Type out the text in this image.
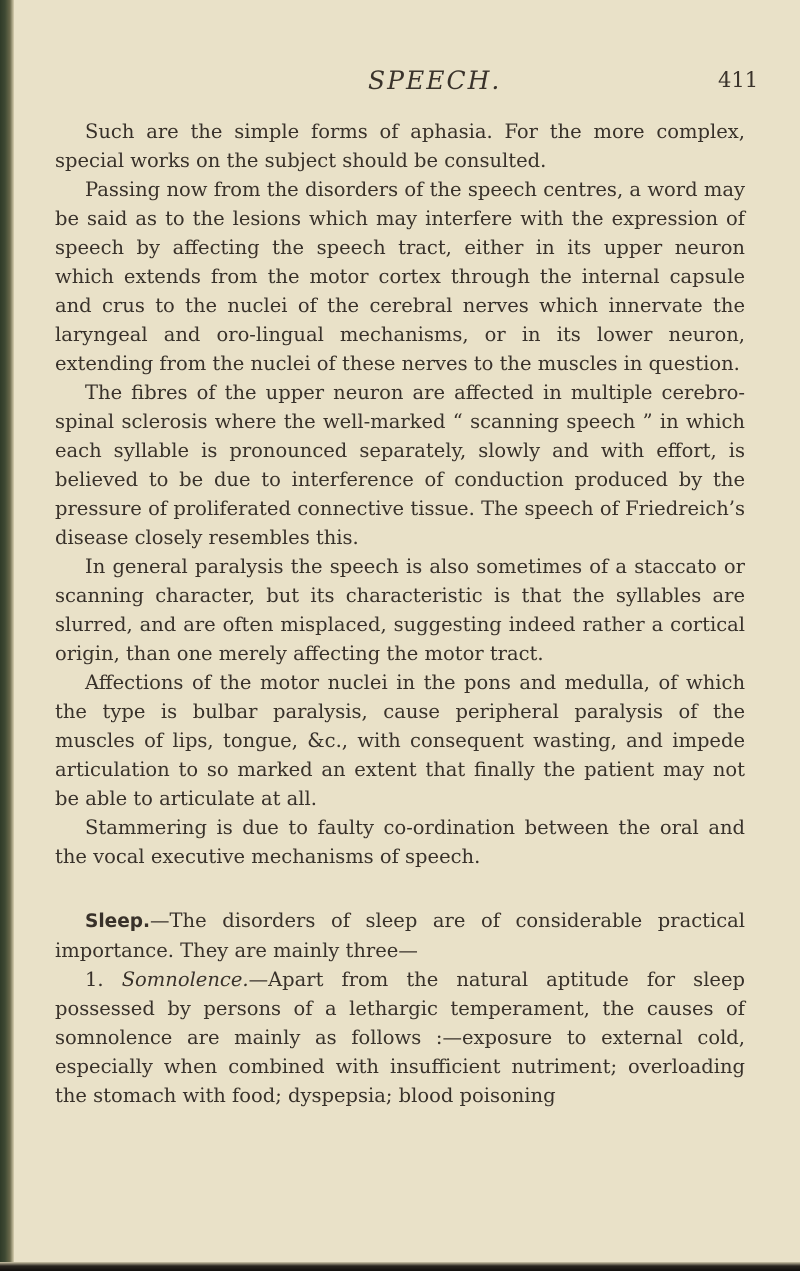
SPEECH.	411

Such are the simple forms of aphasia. For the more complex, special works on the subject should be consulted.

Passing now from the disorders of the speech centres, a word may be said as to the lesions which may interfere with the expression of speech by affecting the speech tract, either in its upper neuron which extends from the motor cortex through the internal capsule and crus to the nuclei of the cerebral nerves which innervate the laryngeal and oro-lingual mechanisms, or in its lower neuron, extending from the nuclei of these nerves to the muscles in question.

The fibres of the upper neuron are affected in multiple cerebro-spinal sclerosis where the well-marked “ scanning speech ” in which each syllable is pronounced separately, slowly and with effort, is believed to be due to interference of conduction produced by the pressure of proliferated connective tissue. The speech of Friedreich’s disease closely resembles this.

In general paralysis the speech is also sometimes of a staccato or scanning character, but its characteristic is that the syllables are slurred, and are often misplaced, suggesting indeed rather a cortical origin, than one merely affecting the motor tract.

Affections of the motor nuclei in the pons and medulla, of which the type is bulbar paralysis, cause peripheral paralysis of the muscles of lips, tongue, &c., with consequent wasting, and impede articulation to so marked an extent that finally the patient may not be able to articulate at all.

Stammering is due to faulty co-ordination between the oral and the vocal executive mechanisms of speech.

Sleep.—The disorders of sleep are of considerable practical importance. They are mainly three—

1. Somnolence.—Apart from the natural aptitude for sleep possessed by persons of a lethargic temperament, the causes of somnolence are mainly as follows :—exposure to external cold, especially when combined with insufficient nutriment; overloading the stomach with food; dyspepsia; blood poisoning
